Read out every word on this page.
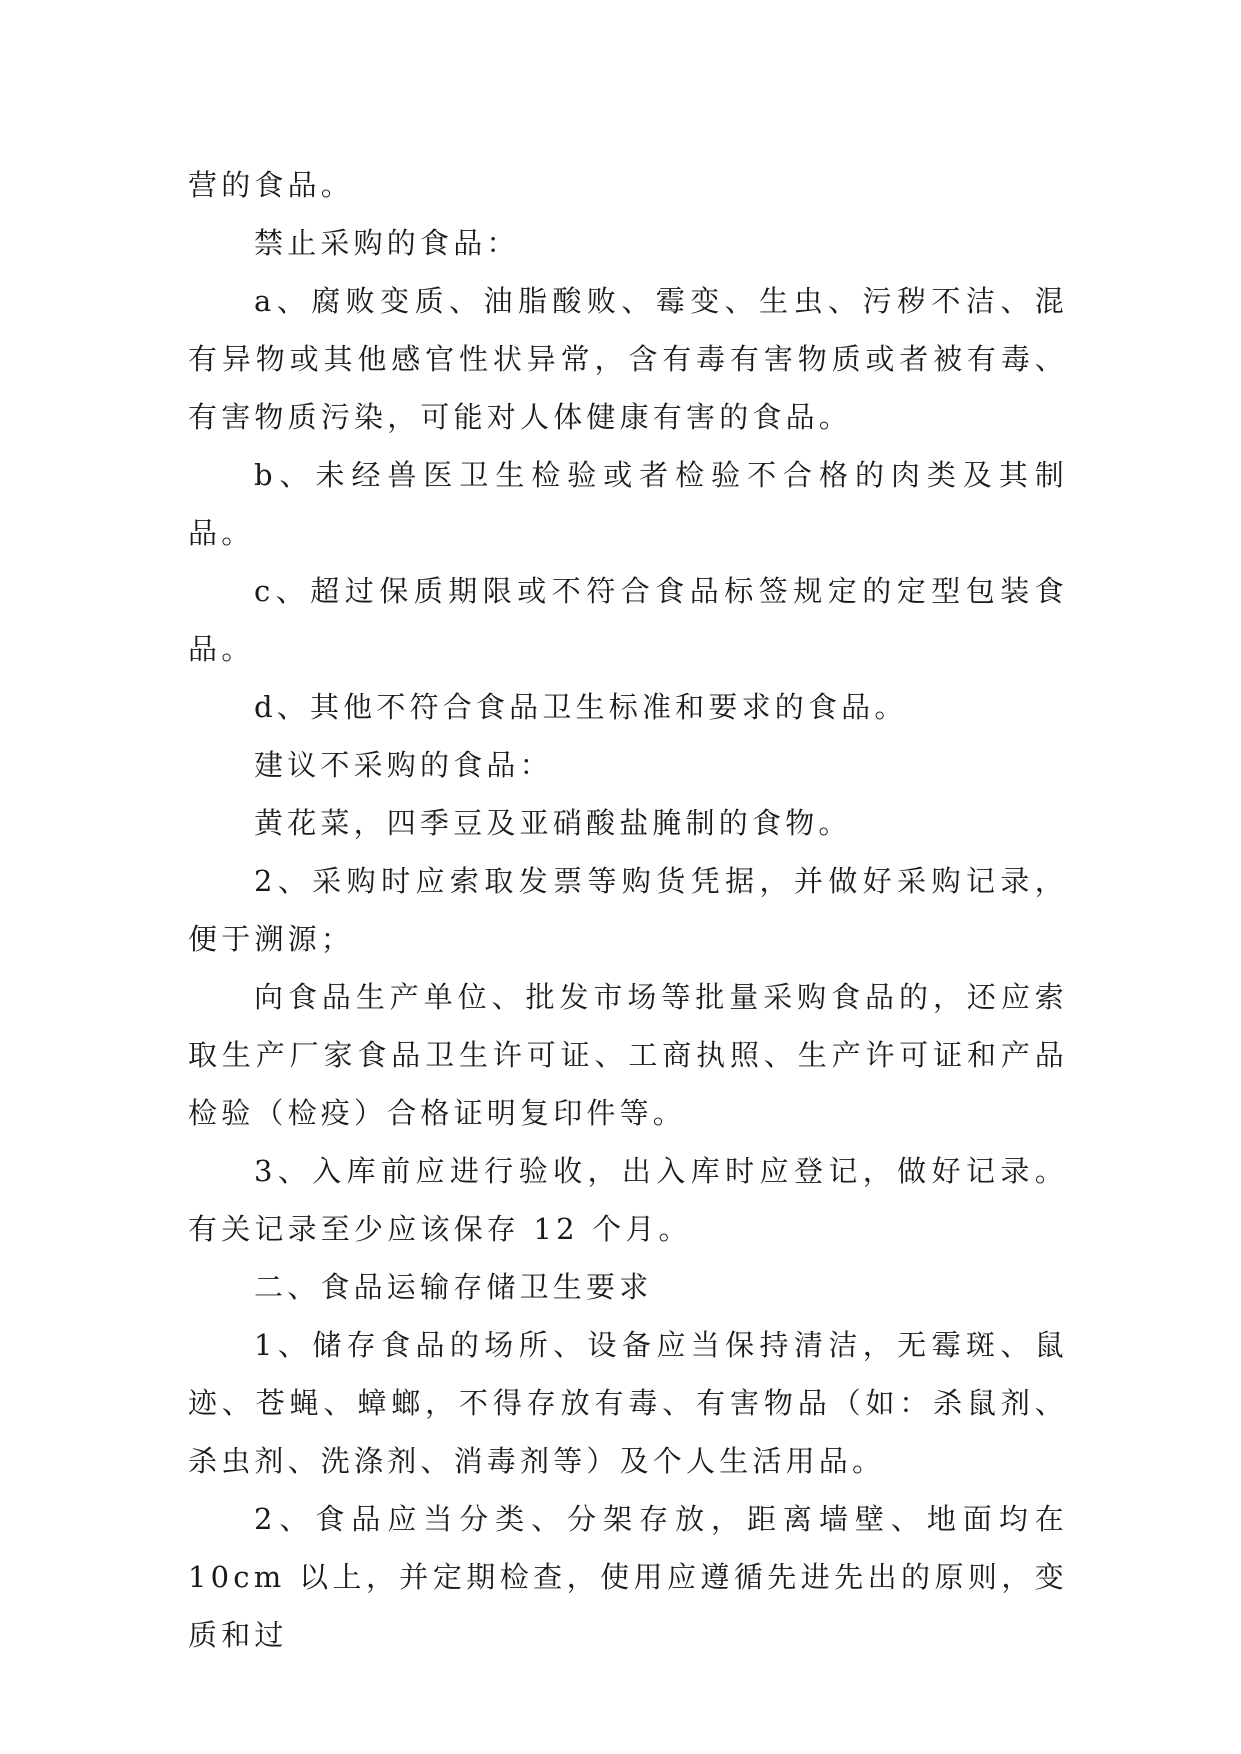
营的食品。

禁止采购的食品：

a、腐败变质、油脂酸败、霉变、生虫、污秽不洁、混有异物或其他感官性状异常，含有毒有害物质或者被有毒、有害物质污染，可能对人体健康有害的食品。

b、未经兽医卫生检验或者检验不合格的肉类及其制品。

c、超过保质期限或不符合食品标签规定的定型包装食品。

d、其他不符合食品卫生标准和要求的食品。

建议不采购的食品：

黄花菜，四季豆及亚硝酸盐腌制的食物。

2、采购时应索取发票等购货凭据，并做好采购记录，便于溯源；

向食品生产单位、批发市场等批量采购食品的，还应索取生产厂家食品卫生许可证、工商执照、生产许可证和产品检验（检疫）合格证明复印件等。

3、入库前应进行验收，出入库时应登记，做好记录。有关记录至少应该保存 12 个月。

二、食品运输存储卫生要求

1、储存食品的场所、设备应当保持清洁，无霉斑、鼠迹、苍蝇、蟑螂，不得存放有毒、有害物品（如：杀鼠剂、杀虫剂、洗涤剂、消毒剂等）及个人生活用品。

2、食品应当分类、分架存放，距离墙壁、地面均在 10cm 以上，并定期检查，使用应遵循先进先出的原则，变质和过
